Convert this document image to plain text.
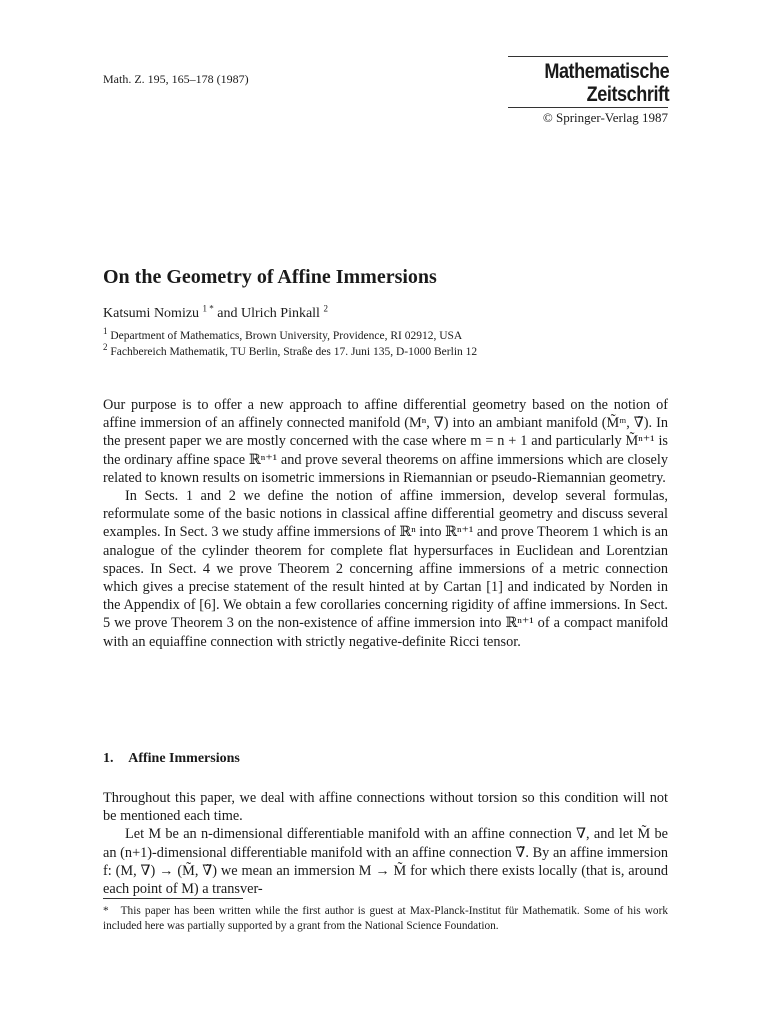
Math. Z. 195, 165–178 (1987)	Mathematische
Zeitschrift
© Springer-Verlag 1987
On the Geometry of Affine Immersions
Katsumi Nomizu $^{1 *}$ and Ulrich Pinkall $^2$
$^1$ Department of Mathematics, Brown University, Providence, RI 02912, USA
$^2$ Fachbereich Mathematik, TU Berlin, Straße des 17. Juni 135, D-1000 Berlin 12

Our purpose is to offer a new approach to affine differential geometry based on the notion of affine immersion of an affinely connected manifold (Mⁿ, ∇) into an ambiant manifold (M̃ᵐ, ∇̃). In the present paper we are mostly concerned with the case where m = n + 1 and particularly M̃ⁿ⁺¹ is the ordinary affine space ℝⁿ⁺¹ and prove several theorems on affine immersions which are closely related to known results on isometric immersions in Riemannian or pseudo-Riemannian geometry.

In Sects. 1 and 2 we define the notion of affine immersion, develop several formulas, reformulate some of the basic notions in classical affine differential geometry and discuss several examples. In Sect. 3 we study affine immersions of ℝⁿ into ℝⁿ⁺¹ and prove Theorem 1 which is an analogue of the cylinder theorem for complete flat hypersurfaces in Euclidean and Lorentzian spaces. In Sect. 4 we prove Theorem 2 concerning affine immersions of a metric connection which gives a precise statement of the result hinted at by Cartan [1] and indicated by Norden in the Appendix of [6]. We obtain a few corollaries concerning rigidity of affine immersions. In Sect. 5 we prove Theorem 3 on the non-existence of affine immersion into ℝⁿ⁺¹ of a compact manifold with an equiaffine connection with strictly negative-definite Ricci tensor.

1. Affine Immersions

Throughout this paper, we deal with affine connections without torsion so this condition will not be mentioned each time.

Let M be an n-dimensional differentiable manifold with an affine connection ∇, and let M̃ be an (n+1)-dimensional differentiable manifold with an affine connection ∇̃. By an affine immersion f: (M, ∇) → (M̃, ∇̃) we mean an immersion M → M̃ for which there exists locally (that is, around each point of M) a transver-

* This paper has been written while the first author is guest at Max-Planck-Institut für Mathematik. Some of his work included here was partially supported by a grant from the National Science Foundation.
